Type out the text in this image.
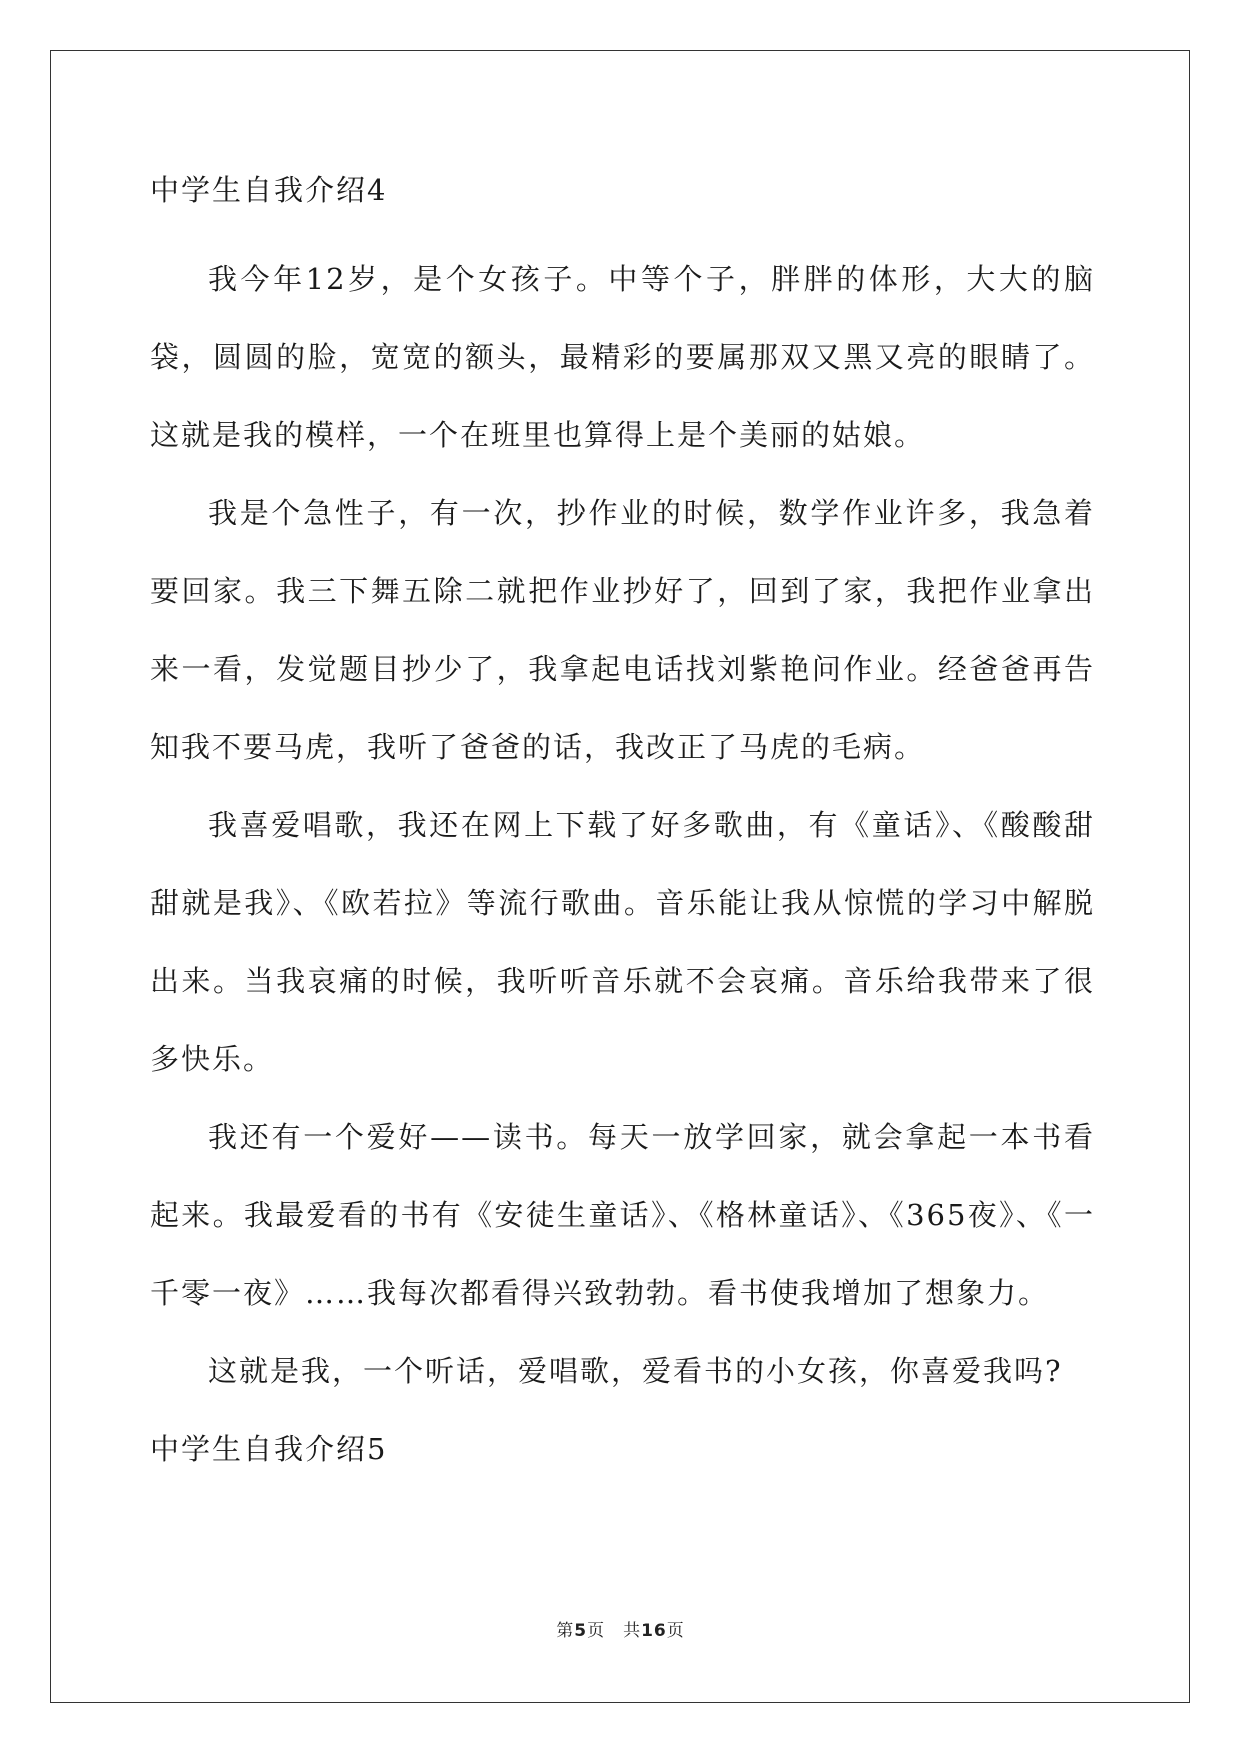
中学生自我介绍4

我今年12岁，是个女孩子。中等个子，胖胖的体形，大大的脑袋，圆圆的脸，宽宽的额头，最精彩的要属那双又黑又亮的眼睛了。这就是我的模样，一个在班里也算得上是个美丽的姑娘。

我是个急性子，有一次，抄作业的时候，数学作业许多，我急着要回家。我三下舞五除二就把作业抄好了，回到了家，我把作业拿出来一看，发觉题目抄少了，我拿起电话找刘紫艳问作业。经爸爸再告知我不要马虎，我听了爸爸的话，我改正了马虎的毛病。

我喜爱唱歌，我还在网上下载了好多歌曲，有《童话》、《酸酸甜甜就是我》、《欧若拉》等流行歌曲。音乐能让我从惊慌的学习中解脱出来。当我哀痛的时候，我听听音乐就不会哀痛。音乐给我带来了很多快乐。

我还有一个爱好——读书。每天一放学回家，就会拿起一本书看起来。我最爱看的书有《安徒生童话》、《格林童话》、《365夜》、《一千零一夜》……我每次都看得兴致勃勃。看书使我增加了想象力。

这就是我，一个听话，爱唱歌，爱看书的小女孩，你喜爱我吗?

中学生自我介绍5
第5页 共16页
